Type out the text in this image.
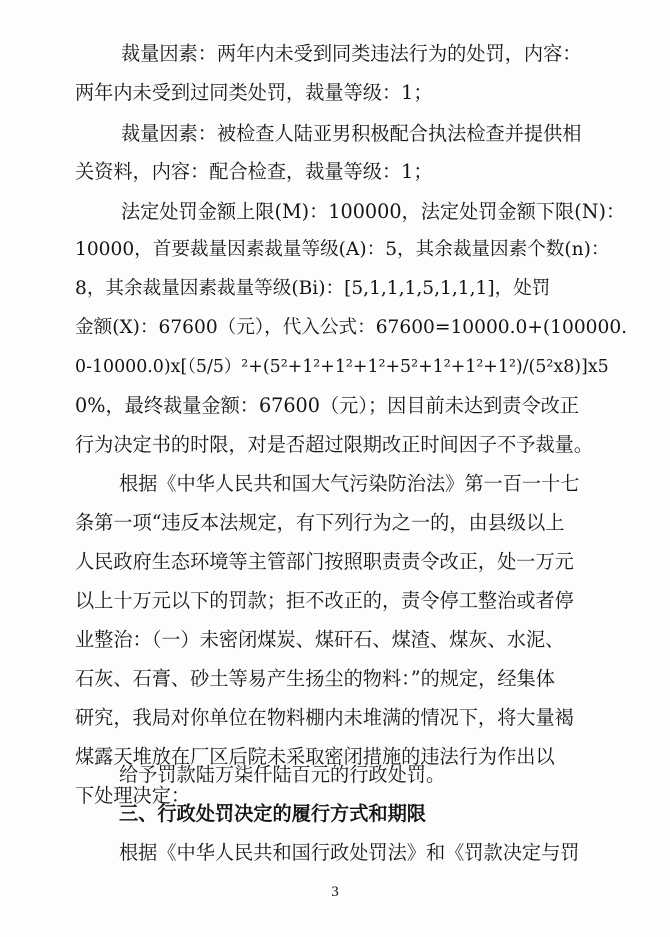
裁量因素：两年内未受到同类违法行为的处罚，内容：
两年内未受到过同类处罚，裁量等级：1；
裁量因素：被检查人陆亚男积极配合执法检查并提供相
关资料，内容：配合检查，裁量等级：1；
法定处罚金额上限(M)：100000，法定处罚金额下限(N)：
10000，首要裁量因素裁量等级(A)：5，其余裁量因素个数(n)：
8，其余裁量因素裁量等级(Bi)：[5,1,1,1,5,1,1,1]，处罚
金额(X)：67600（元），代入公式：67600=10000.0+(100000.
0-10000.0)x[（5/5）²+(5²+1²+1²+1²+5²+1²+1²+1²)/(5²x8)]x5
0%，最终裁量金额：67600（元）；因目前未达到责令改正
行为决定书的时限，对是否超过限期改正时间因子不予裁量。
根据《中华人民共和国大气污染防治法》第一百一十七
条第一项“违反本法规定，有下列行为之一的，由县级以上
人民政府生态环境等主管部门按照职责责令改正，处一万元
以上十万元以下的罚款；拒不改正的，责令停工整治或者停
业整治：（一）未密闭煤炭、煤矸石、煤渣、煤灰、水泥、
石灰、石膏、砂土等易产生扬尘的物料：”的规定，经集体
研究，我局对你单位在物料棚内未堆满的情况下，将大量褐
煤露天堆放在厂区后院未采取密闭措施的违法行为作出以
下处理决定：
给予罚款陆万柒仟陆百元的行政处罚。
三、行政处罚决定的履行方式和期限
根据《中华人民共和国行政处罚法》和《罚款决定与罚
3
